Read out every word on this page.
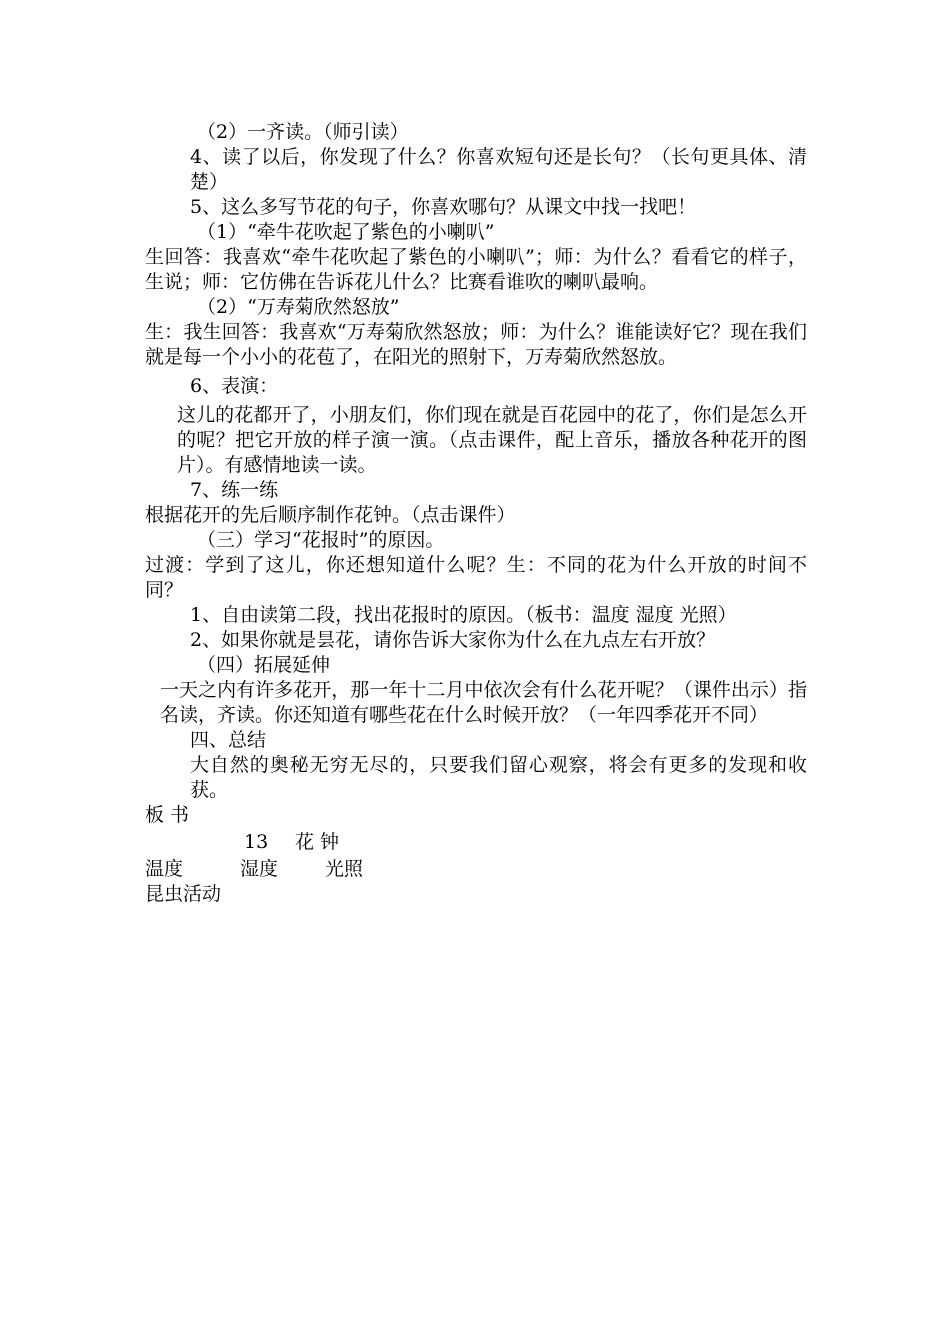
（2）一齐读。（师引读）
4、读了以后，你发现了什么？你喜欢短句还是长句？（长句更具体、清楚）
5、这么多写节花的句子，你喜欢哪句？从课文中找一找吧！
（1）“牵牛花吹起了紫色的小喇叭”
生回答：我喜欢“牵牛花吹起了紫色的小喇叭”；师：为什么？看看它的样子，生说；师：它仿佛在告诉花儿什么？比赛看谁吹的喇叭最响。
（2）“万寿菊欣然怒放”
生：我生回答：我喜欢“万寿菊欣然怒放；师：为什么？谁能读好它？现在我们就是每一个小小的花苞了，在阳光的照射下，万寿菊欣然怒放。
6、表演：
这儿的花都开了，小朋友们，你们现在就是百花园中的花了，你们是怎么开的呢？把它开放的样子演一演。（点击课件，配上音乐，播放各种花开的图片）。有感情地读一读。
7、练一练
根据花开的先后顺序制作花钟。（点击课件）
（三）学习“花报时”的原因。
过渡：学到了这儿，你还想知道什么呢？生：不同的花为什么开放的时间不同？
1、自由读第二段，找出花报时的原因。（板书：温度 湿度 光照）
2、如果你就是昙花，请你告诉大家你为什么在九点左右开放？
（四）拓展延伸
一天之内有许多花开，那一年十二月中依次会有什么花开呢？（课件出示）指名读，齐读。你还知道有哪些花在什么时候开放？（一年四季花开不同）
四、总结
大自然的奥秘无穷无尽的，只要我们留心观察，将会有更多的发现和收获。
板 书
13 花 钟
温度	湿度 光照
昆虫活动
